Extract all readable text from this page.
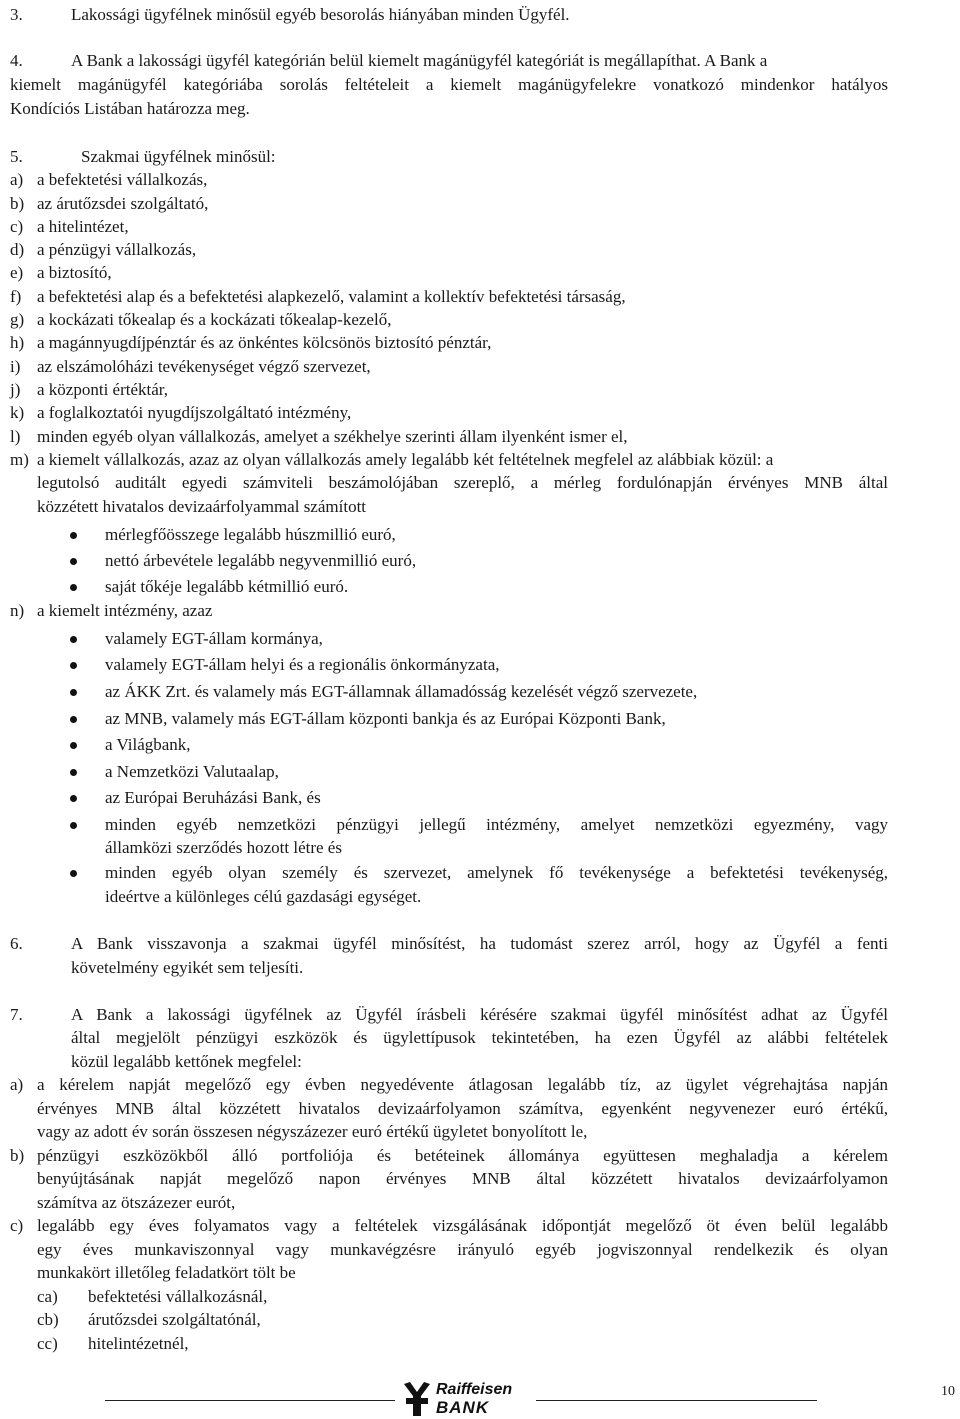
3.	Lakossági ügyfélnek minősül egyéb besorolás hiányában minden Ügyfél.
4.	A Bank a lakossági ügyfél kategórián belül kiemelt magánügyfél kategóriát is megállapíthat. A Bank a
kiemelt magánügyfél kategóriába sorolás feltételeit a kiemelt magánügyfelekre vonatkozó mindenkor hatályos
Kondíciós Listában határozza meg.
5.	Szakmai ügyfélnek minősül:
a) a befektetési vállalkozás,
b) az árutőzsdei szolgáltató,
c) a hitelintézet,
d) a pénzügyi vállalkozás,
e) a biztosító,
f) a befektetési alap és a befektetési alapkezelő, valamint a kollektív befektetési társaság,
g) a kockázati tőkealap és a kockázati tőkealap-kezelő,
h) a magánnyugdíjpénztár és az önkéntes kölcsönös biztosító pénztár,
i) az elszámolóházi tevékenységet végző szervezet,
j) a központi értéktár,
k) a foglalkoztatói nyugdíjszolgáltató intézmény,
l) minden egyéb olyan vállalkozás, amelyet a székhelye szerinti állam ilyenként ismer el,
m) a kiemelt vállalkozás, azaz az olyan vállalkozás amely legalább két feltételnek megfelel az alábbiak közül: a
legutolsó auditált egyedi számviteli beszámolójában szereplő, a mérleg fordulónapján érvényes MNB által
közzétett hivatalos devizaárfolyammal számított
mérlegfőösszege legalább húszmillió euró,
nettó árbevétele legalább negyvenmillió euró,
saját tőkéje legalább kétmillió euró.
n) a kiemelt intézmény, azaz
valamely EGT-állam kormánya,
valamely EGT-állam helyi és a regionális önkormányzata,
az ÁKK Zrt. és valamely más EGT-államnak államadósság kezelését végző szervezete,
az MNB, valamely más EGT-állam központi bankja és az Európai Központi Bank,
a Világbank,
a Nemzetközi Valutaalap,
az Európai Beruházási Bank, és
minden egyéb nemzetközi pénzügyi jellegű intézmény, amelyet nemzetközi egyezmény, vagy
államközi szerződés hozott létre és
minden egyéb olyan személy és szervezet, amelynek fő tevékenysége a befektetési tevékenység,
ideértve a különleges célú gazdasági egységet.
6.	A Bank visszavonja a szakmai ügyfél minősítést, ha tudomást szerez arról, hogy az Ügyfél a fenti
követelmény egyikét sem teljesíti.
7.	A Bank a lakossági ügyfélnek az Ügyfél írásbeli kérésére szakmai ügyfél minősítést adhat az Ügyfél
által megjelölt pénzügyi eszközök és ügylettípusok tekintetében, ha ezen Ügyfél az alábbi feltételek
közül legalább kettőnek megfelel:
a) a kérelem napját megelőző egy évben negyedévente átlagosan legalább tíz, az ügylet végrehajtása napján
érvényes MNB által közzétett hivatalos devizaárfolyamon számítva, egyenként negyvenezer euró értékű,
vagy az adott év során összesen négyszázezer euró értékű ügyletet bonyolított le,
b) pénzügyi eszközökből álló portfoliója és betéteinek állománya együttesen meghaladja a kérelem
benyújtásának napját megelőző napon érvényes MNB által közzétett hivatalos devizaárfolyamon
számítva az ötszázezer eurót,
c) legalább egy éves folyamatos vagy a feltételek vizsgálásának időpontját megelőző öt éven belül legalább
egy éves munkaviszonnyal vagy munkavégzésre irányuló egyéb jogviszonnyal rendelkezik és olyan
munkakört illetőleg feladatkört tölt be
ca) befektetési vállalkozásnál,
cb) árutőzsdei szolgáltatónál,
cc) hitelintézetnél,
Raiffeisen
BANK
10
